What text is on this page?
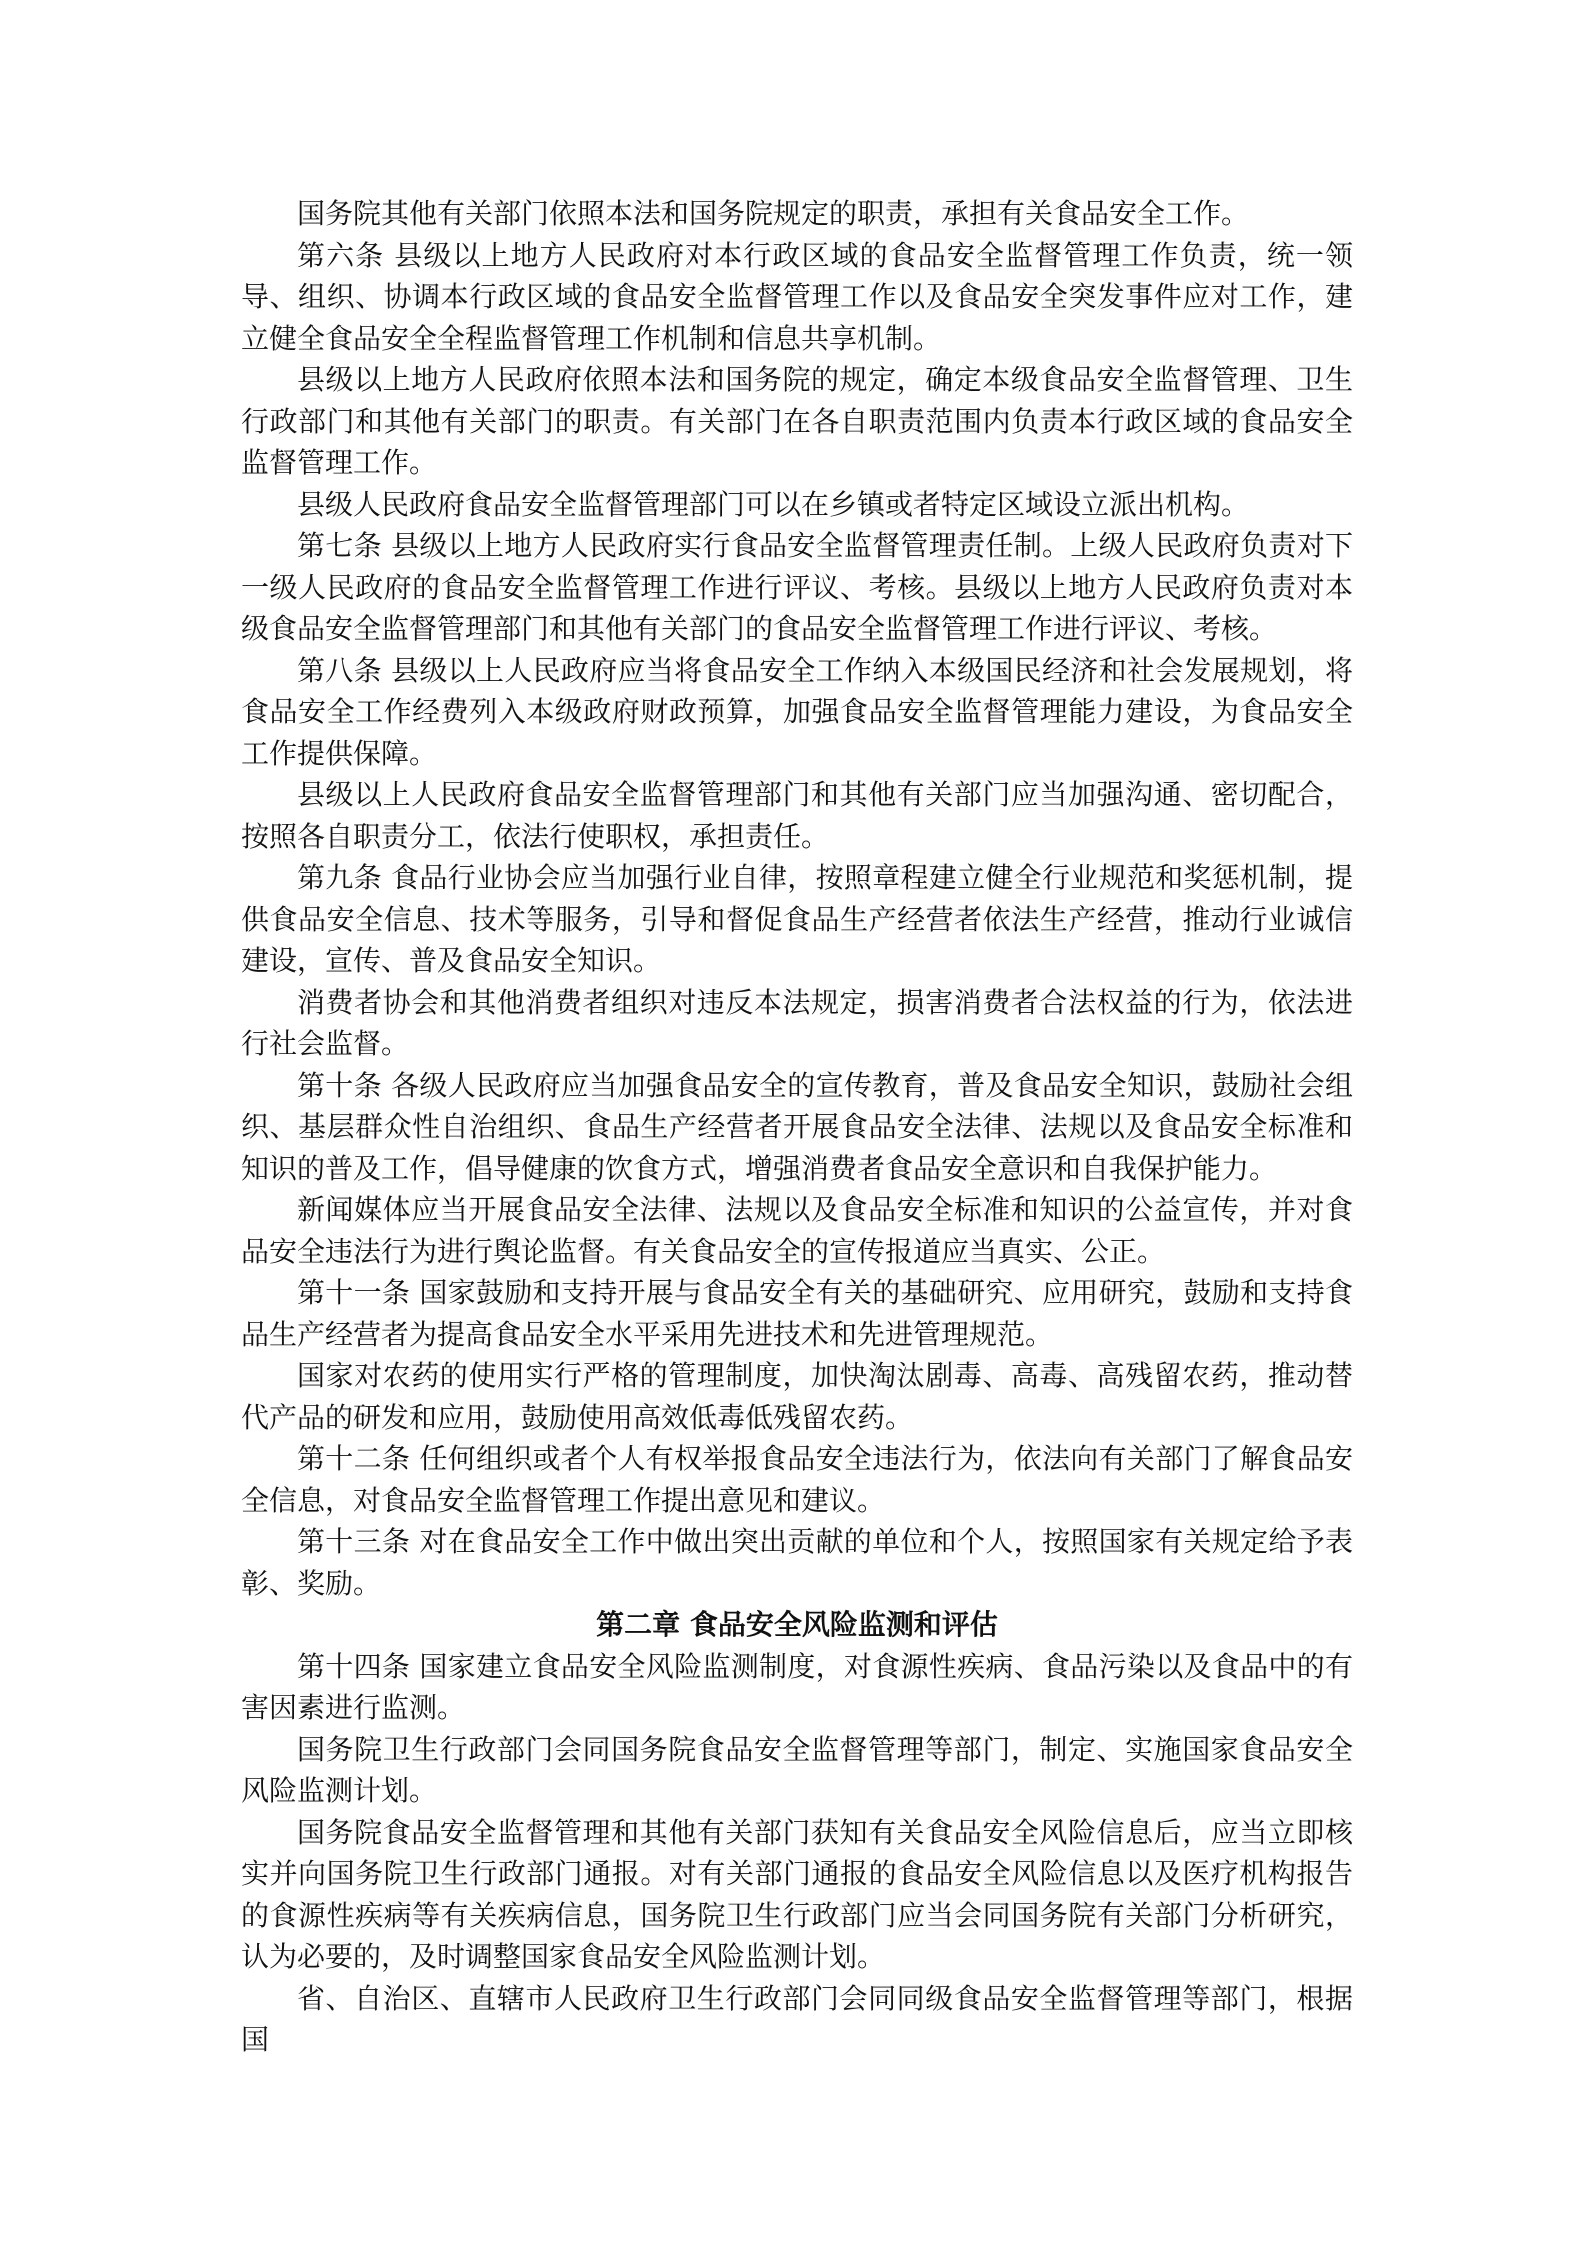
国务院其他有关部门依照本法和国务院规定的职责，承担有关食品安全工作。

第六条 县级以上地方人民政府对本行政区域的食品安全监督管理工作负责，统一领导、组织、协调本行政区域的食品安全监督管理工作以及食品安全突发事件应对工作，建立健全食品安全全程监督管理工作机制和信息共享机制。

县级以上地方人民政府依照本法和国务院的规定，确定本级食品安全监督管理、卫生行政部门和其他有关部门的职责。有关部门在各自职责范围内负责本行政区域的食品安全监督管理工作。

县级人民政府食品安全监督管理部门可以在乡镇或者特定区域设立派出机构。

第七条 县级以上地方人民政府实行食品安全监督管理责任制。上级人民政府负责对下一级人民政府的食品安全监督管理工作进行评议、考核。县级以上地方人民政府负责对本级食品安全监督管理部门和其他有关部门的食品安全监督管理工作进行评议、考核。

第八条 县级以上人民政府应当将食品安全工作纳入本级国民经济和社会发展规划，将食品安全工作经费列入本级政府财政预算，加强食品安全监督管理能力建设，为食品安全工作提供保障。

县级以上人民政府食品安全监督管理部门和其他有关部门应当加强沟通、密切配合，按照各自职责分工，依法行使职权，承担责任。

第九条 食品行业协会应当加强行业自律，按照章程建立健全行业规范和奖惩机制，提供食品安全信息、技术等服务，引导和督促食品生产经营者依法生产经营，推动行业诚信建设，宣传、普及食品安全知识。

消费者协会和其他消费者组织对违反本法规定，损害消费者合法权益的行为，依法进行社会监督。

第十条 各级人民政府应当加强食品安全的宣传教育，普及食品安全知识，鼓励社会组织、基层群众性自治组织、食品生产经营者开展食品安全法律、法规以及食品安全标准和知识的普及工作，倡导健康的饮食方式，增强消费者食品安全意识和自我保护能力。

新闻媒体应当开展食品安全法律、法规以及食品安全标准和知识的公益宣传，并对食品安全违法行为进行舆论监督。有关食品安全的宣传报道应当真实、公正。

第十一条 国家鼓励和支持开展与食品安全有关的基础研究、应用研究，鼓励和支持食品生产经营者为提高食品安全水平采用先进技术和先进管理规范。

国家对农药的使用实行严格的管理制度，加快淘汰剧毒、高毒、高残留农药，推动替代产品的研发和应用，鼓励使用高效低毒低残留农药。

第十二条 任何组织或者个人有权举报食品安全违法行为，依法向有关部门了解食品安全信息，对食品安全监督管理工作提出意见和建议。

第十三条 对在食品安全工作中做出突出贡献的单位和个人，按照国家有关规定给予表彰、奖励。

第二章 食品安全风险监测和评估

第十四条 国家建立食品安全风险监测制度，对食源性疾病、食品污染以及食品中的有害因素进行监测。

国务院卫生行政部门会同国务院食品安全监督管理等部门，制定、实施国家食品安全风险监测计划。

国务院食品安全监督管理和其他有关部门获知有关食品安全风险信息后，应当立即核实并向国务院卫生行政部门通报。对有关部门通报的食品安全风险信息以及医疗机构报告的食源性疾病等有关疾病信息，国务院卫生行政部门应当会同国务院有关部门分析研究，认为必要的，及时调整国家食品安全风险监测计划。

省、自治区、直辖市人民政府卫生行政部门会同同级食品安全监督管理等部门，根据国
